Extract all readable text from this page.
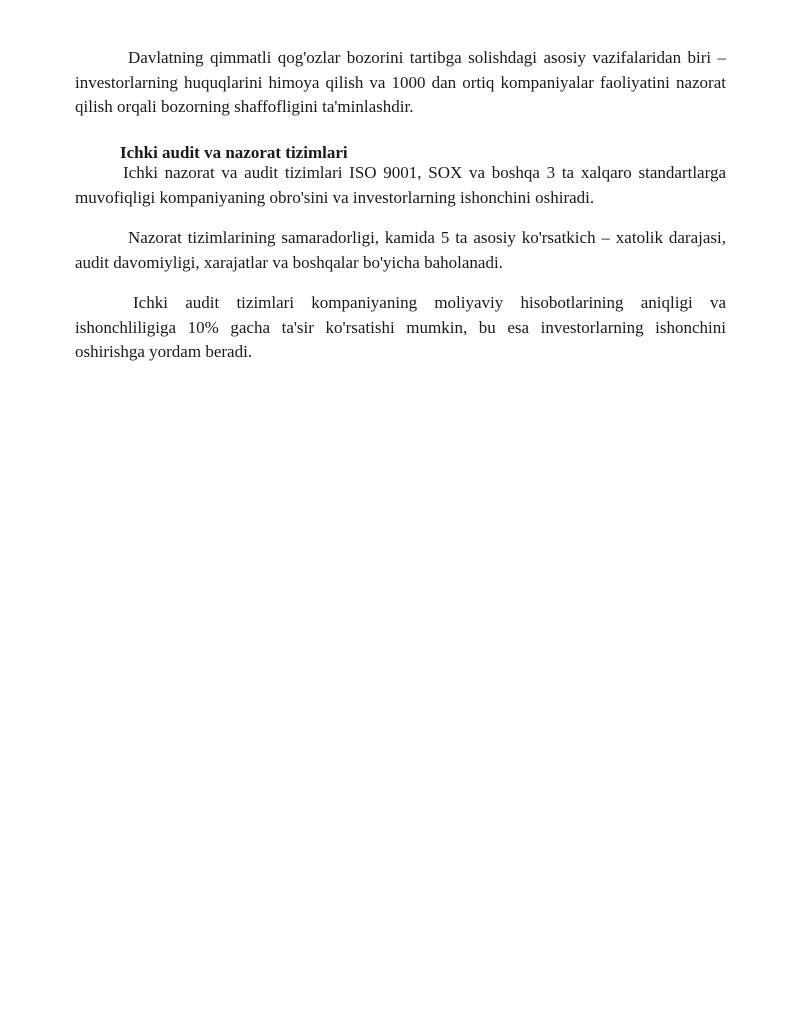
Davlatning qimmatli qog'ozlar bozorini tartibga solishdagi asosiy vazifalaridan biri – investorlarning huquqlarini himoya qilish va 1000 dan ortiq kompaniyalar faoliyatini nazorat qilish orqali bozorning shaffofligini ta'minlashdir.

Ichki audit va nazorat tizimlari

Ichki nazorat va audit tizimlari ISO 9001, SOX va boshqa 3 ta xalqaro standartlarga muvofiqligi kompaniyaning obro'sini va investorlarning ishonchini oshiradi.

Nazorat tizimlarining samaradorligi, kamida 5 ta asosiy ko'rsatkich – xatolik darajasi, audit davomiyligi, xarajatlar va boshqalar bo'yicha baholanadi.

Ichki audit tizimlari kompaniyaning moliyaviy hisobotlarining aniqligi va ishonchliligiga 10% gacha ta'sir ko'rsatishi mumkin, bu esa investorlarning ishonchini oshirishga yordam beradi.
